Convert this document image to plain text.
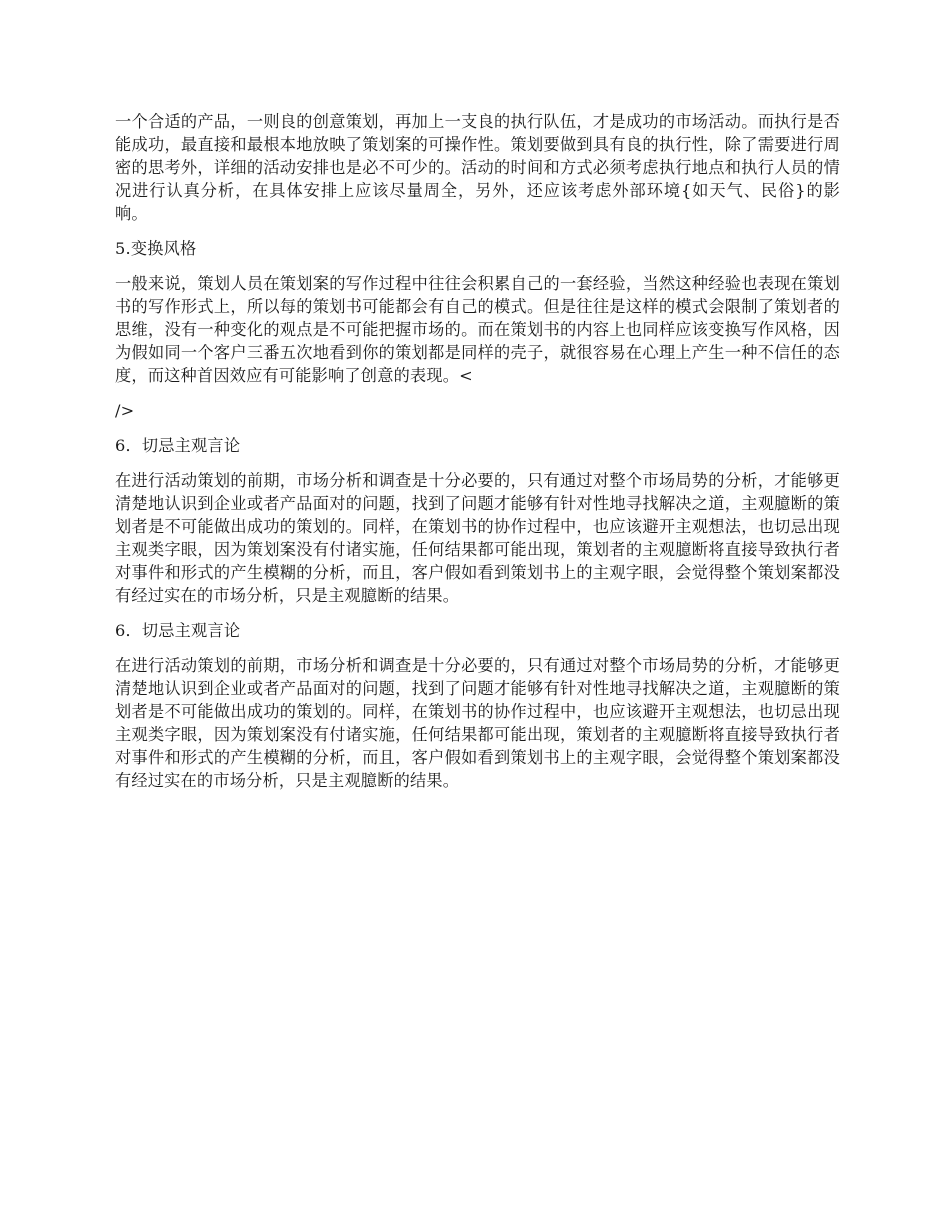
一个合适的产品，一则良的创意策划，再加上一支良的执行队伍，才是成功的市场活动。而执行是否能成功，最直接和最根本地放映了策划案的可操作性。策划要做到具有良的执行性，除了需要进行周密的思考外，详细的活动安排也是必不可少的。活动的时间和方式必须考虑执行地点和执行人员的情况进行认真分析，在具体安排上应该尽量周全，另外，还应该考虑外部环境{如天气、民俗}的影响。

5.变换风格

一般来说，策划人员在策划案的写作过程中往往会积累自己的一套经验，当然这种经验也表现在策划书的写作形式上，所以每的策划书可能都会有自己的模式。但是往往是这样的模式会限制了策划者的思维，没有一种变化的观点是不可能把握市场的。而在策划书的内容上也同样应该变换写作风格，因为假如同一个客户三番五次地看到你的策划都是同样的壳子，就很容易在心理上产生一种不信任的态度，而这种首因效应有可能影响了创意的表现。<

/>

6．切忌主观言论

在进行活动策划的前期，市场分析和调查是十分必要的，只有通过对整个市场局势的分析，才能够更清楚地认识到企业或者产品面对的问题，找到了问题才能够有针对性地寻找解决之道，主观臆断的策划者是不可能做出成功的策划的。同样，在策划书的协作过程中，也应该避开主观想法，也切忌出现主观类字眼，因为策划案没有付诸实施，任何结果都可能出现，策划者的主观臆断将直接导致执行者对事件和形式的产生模糊的分析，而且，客户假如看到策划书上的主观字眼，会觉得整个策划案都没有经过实在的市场分析，只是主观臆断的结果。

6．切忌主观言论

在进行活动策划的前期，市场分析和调查是十分必要的，只有通过对整个市场局势的分析，才能够更清楚地认识到企业或者产品面对的问题，找到了问题才能够有针对性地寻找解决之道，主观臆断的策划者是不可能做出成功的策划的。同样，在策划书的协作过程中，也应该避开主观想法，也切忌出现主观类字眼，因为策划案没有付诸实施，任何结果都可能出现，策划者的主观臆断将直接导致执行者对事件和形式的产生模糊的分析，而且，客户假如看到策划书上的主观字眼，会觉得整个策划案都没有经过实在的市场分析，只是主观臆断的结果。
